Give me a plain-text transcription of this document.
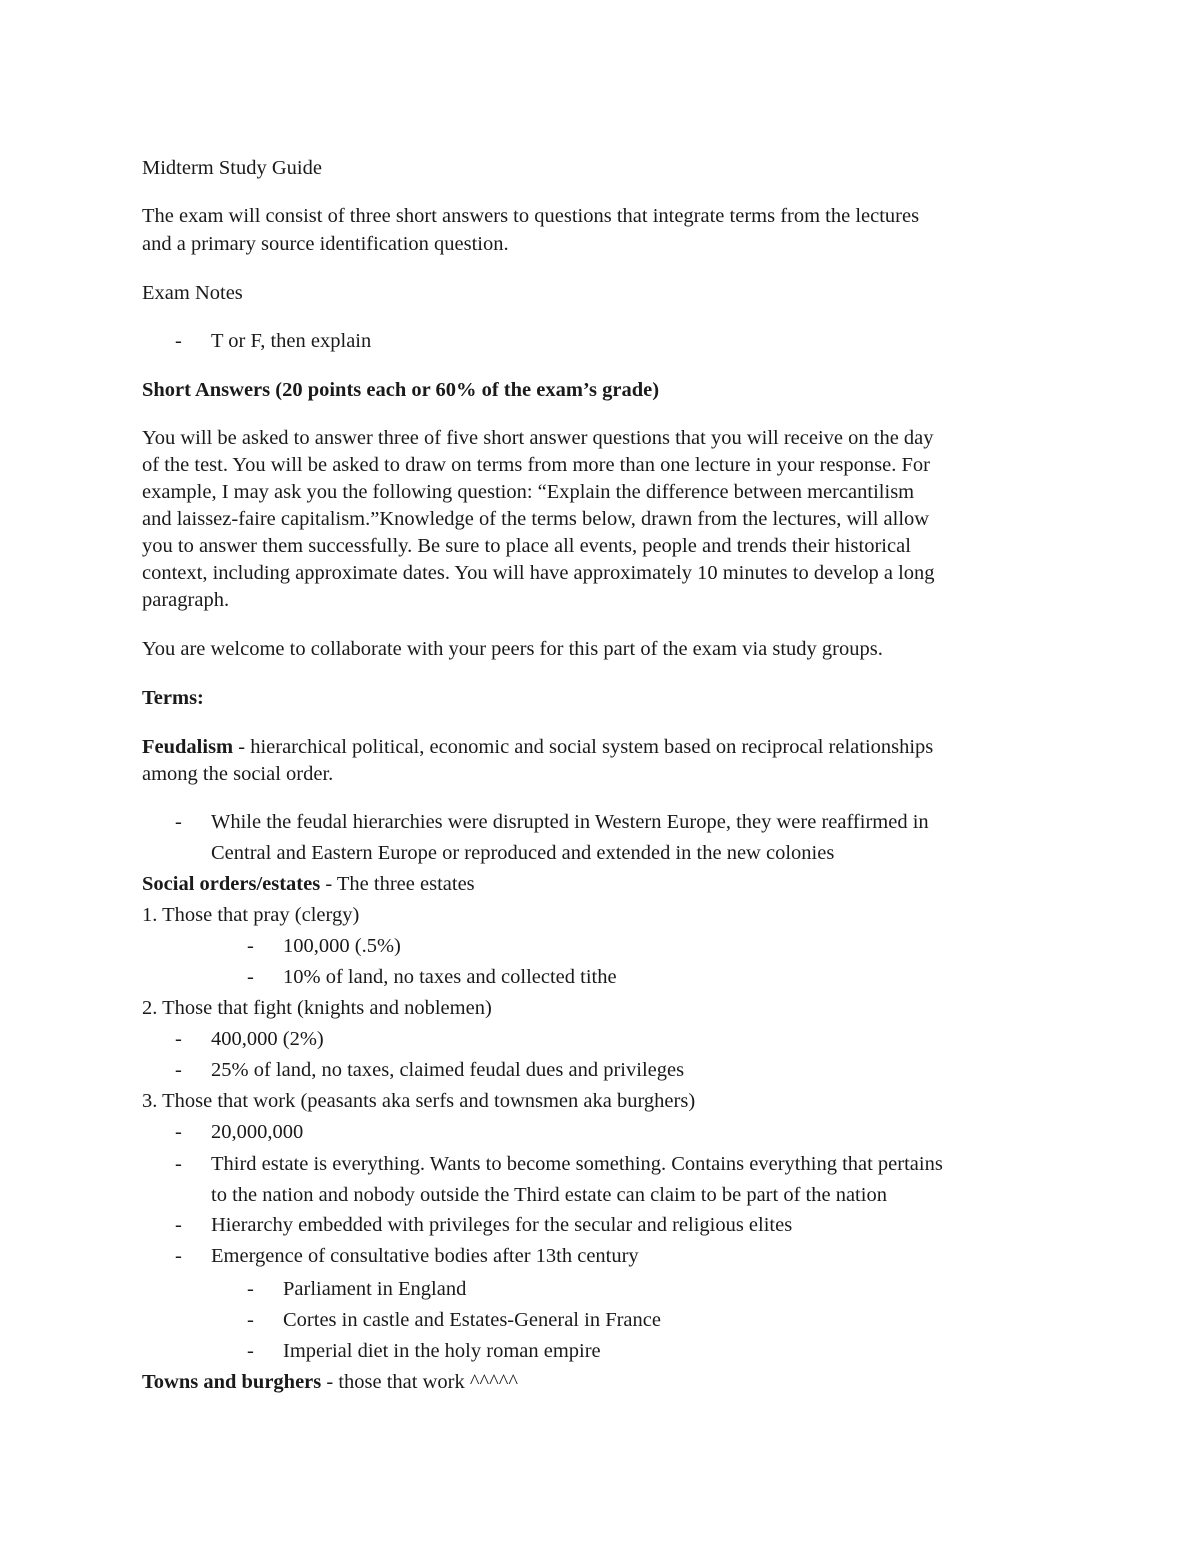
Midterm Study Guide
The exam will consist of three short answers to questions that integrate terms from the lectures
and a primary source identification question.
Exam Notes
- T or F, then explain
Short Answers (20 points each or 60% of the exam’s grade)
You will be asked to answer three of five short answer questions that you will receive on the day
of the test. You will be asked to draw on terms from more than one lecture in your response. For
example, I may ask you the following question: “Explain the difference between mercantilism
and laissez-faire capitalism.”Knowledge of the terms below, drawn from the lectures, will allow
you to answer them successfully. Be sure to place all events, people and trends their historical
context, including approximate dates. You will have approximately 10 minutes to develop a long
paragraph.
You are welcome to collaborate with your peers for this part of the exam via study groups.
Terms:
Feudalism - hierarchical political, economic and social system based on reciprocal relationships
among the social order.
- While the feudal hierarchies were disrupted in Western Europe, they were reaffirmed in
Central and Eastern Europe or reproduced and extended in the new colonies
Social orders/estates - The three estates
1. Those that pray (clergy)
- 100,000 (.5%)
- 10% of land, no taxes and collected tithe
2. Those that fight (knights and noblemen)
- 400,000 (2%)
- 25% of land, no taxes, claimed feudal dues and privileges
3. Those that work (peasants aka serfs and townsmen aka burghers)
- 20,000,000
- Third estate is everything. Wants to become something. Contains everything that pertains
to the nation and nobody outside the Third estate can claim to be part of the nation
- Hierarchy embedded with privileges for the secular and religious elites
- Emergence of consultative bodies after 13th century
- Parliament in England
- Cortes in castle and Estates-General in France
- Imperial diet in the holy roman empire
Towns and burghers - those that work ^^^^^
